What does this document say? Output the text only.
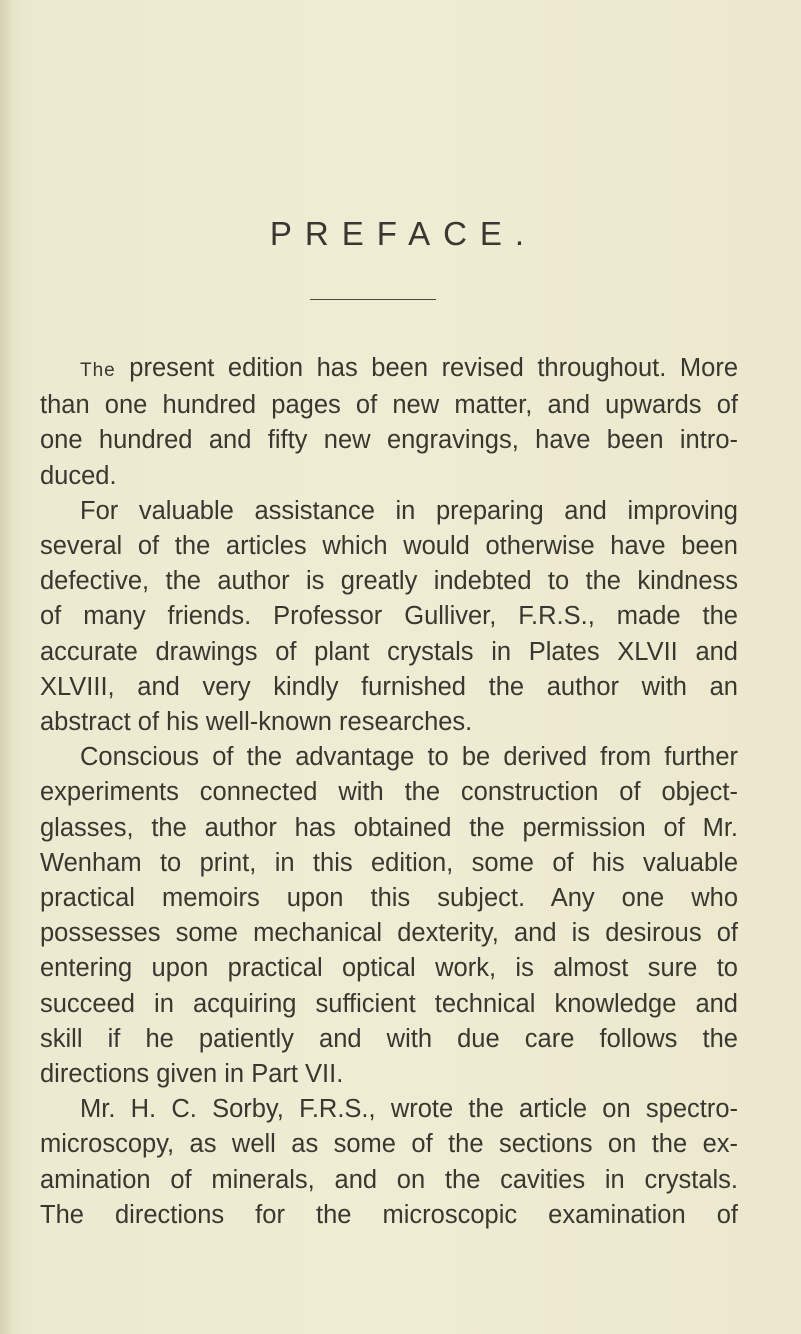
PREFACE.
The present edition has been revised throughout. More
than one hundred pages of new matter, and upwards of
one hundred and fifty new engravings, have been intro-
duced.
For valuable assistance in preparing and improving
several of the articles which would otherwise have been
defective, the author is greatly indebted to the kindness
of many friends. Professor Gulliver, F.R.S., made the
accurate drawings of plant crystals in Plates XLVII and
XLVIII, and very kindly furnished the author with an
abstract of his well-known researches.
Conscious of the advantage to be derived from further
experiments connected with the construction of object-
glasses, the author has obtained the permission of Mr.
Wenham to print, in this edition, some of his valuable
practical memoirs upon this subject. Any one who
possesses some mechanical dexterity, and is desirous of
entering upon practical optical work, is almost sure to
succeed in acquiring sufficient technical knowledge and
skill if he patiently and with due care follows the
directions given in Part VII.
Mr. H. C. Sorby, F.R.S., wrote the article on spectro-
microscopy, as well as some of the sections on the ex-
amination of minerals, and on the cavities in crystals.
The directions for the microscopic examination of
